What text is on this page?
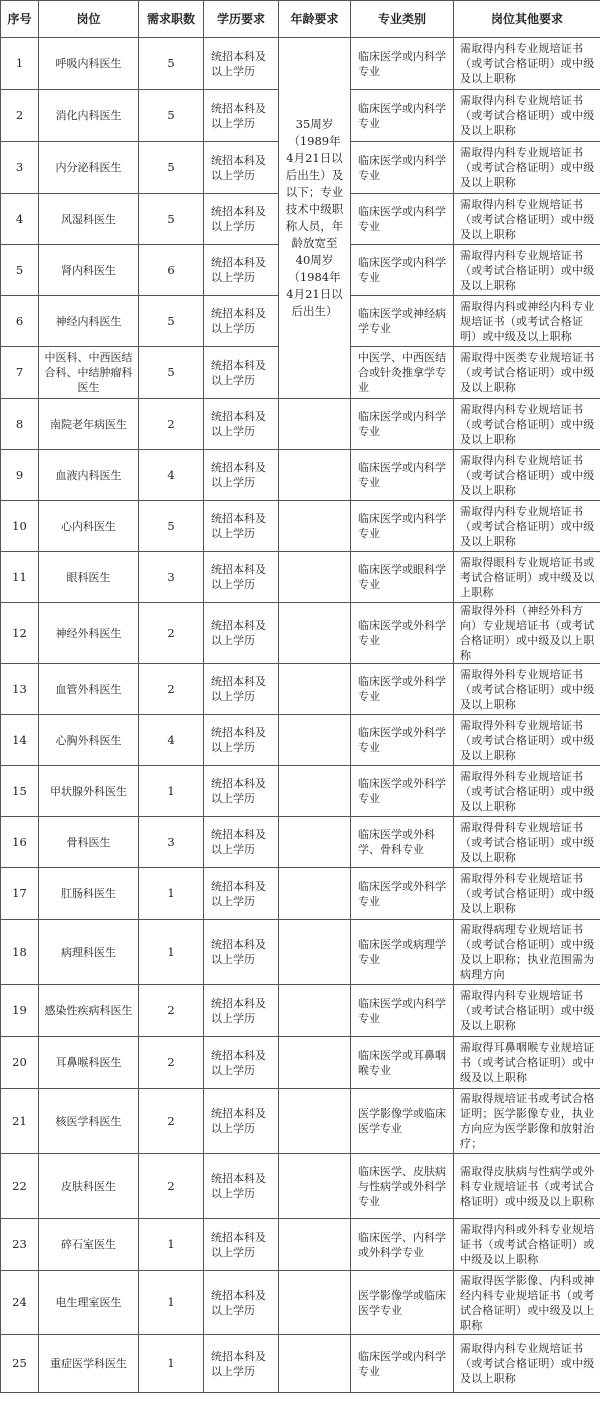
序号	岗位	需求职数	学历要求	年龄要求	专业类别	岗位其他要求
1	呼吸内科医生	5	统招本科及以上学历	35周岁（1989年4月21日以后出生）及以下；专业技术中级职称人员，年龄放宽至40周岁（1984年4月21日以后出生）	临床医学或内科学专业	需取得内科专业规培证书（或考试合格证明）或中级及以上职称
2	消化内科医生	5	统招本科及以上学历		临床医学或内科学专业	需取得内科专业规培证书（或考试合格证明）或中级及以上职称
3	内分泌科医生	5	统招本科及以上学历		临床医学或内科学专业	需取得内科专业规培证书（或考试合格证明）或中级及以上职称
4	风湿科医生	5	统招本科及以上学历		临床医学或内科学专业	需取得内科专业规培证书（或考试合格证明）或中级及以上职称
5	肾内科医生	6	统招本科及以上学历		临床医学或内科学专业	需取得内科专业规培证书（或考试合格证明）或中级及以上职称
6	神经内科医生	5	统招本科及以上学历		临床医学或神经病学专业	需取得内科或神经内科专业规培证书（或考试合格证明）或中级及以上职称
7	中医科、中西医结合科、中结肿瘤科医生	5	统招本科及以上学历		中医学、中西医结合或针灸推拿学专业	需取得中医类专业规培证书（或考试合格证明）或中级及以上职称
8	南院老年病医生	2	统招本科及以上学历		临床医学或内科学专业	需取得内科专业规培证书（或考试合格证明）或中级及以上职称
9	血液内科医生	4	统招本科及以上学历		临床医学或内科学专业	需取得内科专业规培证书（或考试合格证明）或中级及以上职称
10	心内科医生	5	统招本科及以上学历		临床医学或内科学专业	需取得内科专业规培证书（或考试合格证明）或中级及以上职称
11	眼科医生	3	统招本科及以上学历		临床医学或眼科学专业	需取得眼科专业规培证书或考试合格证明）或中级及以上职称
12	神经外科医生	2	统招本科及以上学历		临床医学或外科学专业	需取得外科（神经外科方向）专业规培证书（或考试合格证明）或中级及以上职称
13	血管外科医生	2	统招本科及以上学历		临床医学或外科学专业	需取得外科专业规培证书（或考试合格证明）或中级及以上职称
14	心胸外科医生	4	统招本科及以上学历		临床医学或外科学专业	需取得外科专业规培证书（或考试合格证明）或中级及以上职称
15	甲状腺外科医生	1	统招本科及以上学历		临床医学或外科学专业	需取得外科专业规培证书（或考试合格证明）或中级及以上职称
16	骨科医生	3	统招本科及以上学历		临床医学或外科学、骨科专业	需取得骨科专业规培证书（或考试合格证明）或中级及以上职称
17	肛肠科医生	1	统招本科及以上学历		临床医学或外科学专业	需取得外科专业规培证书（或考试合格证明）或中级及以上职称
18	病理科医生	1	统招本科及以上学历		临床医学或病理学专业	需取得病理专业规培证书（或考试合格证明）或中级及以上职称；执业范围需为病理方向
19	感染性疾病科医生	2	统招本科及以上学历		临床医学或内科学专业	需取得内科专业规培证书（或考试合格证明）或中级及以上职称
20	耳鼻喉科医生	2	统招本科及以上学历		临床医学或耳鼻咽喉专业	需取得耳鼻咽喉专业规培证书（或考试合格证明）或中级及以上职称
21	核医学科医生	2	统招本科及以上学历		医学影像学或临床医学专业	需取得规培证书或考试合格证明；医学影像专业，执业方向应为医学影像和放射治疗；
22	皮肤科医生	2	统招本科及以上学历		临床医学、皮肤病与性病学或外科学专业	需取得皮肤病与性病学或外科专业规培证书（或考试合格证明）或中级及以上职称
23	碎石室医生	1	统招本科及以上学历		临床医学、内科学或外科学专业	需取得内科或外科专业规培证书（或考试合格证明）或中级及以上职称
24	电生理室医生	1	统招本科及以上学历		医学影像学或临床医学专业	需取得医学影像、内科或神经内科专业规培证书（或考试合格证明）或中级及以上职称
25	重症医学科医生	1	统招本科及以上学历		临床医学或内科学专业	需取得内科专业规培证书（或考试合格证明）或中级及以上职称
